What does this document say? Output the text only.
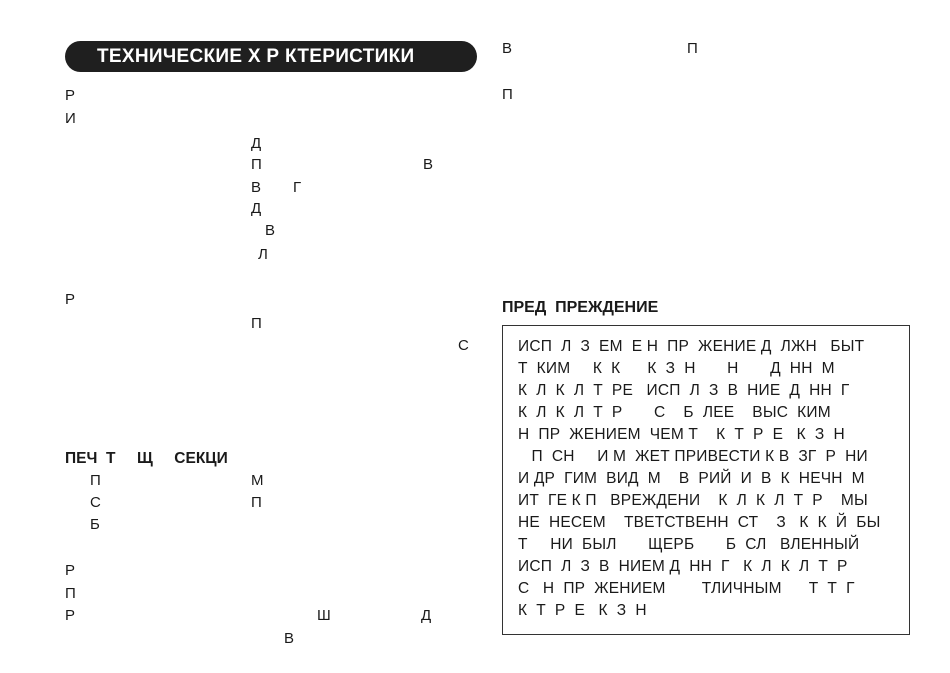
ТЕХНИЧЕСКИЕ Х Р КТЕРИСТИКИ
Р
И
Д
П	В
В Г
Д
В
Л
Р
П
С
ПЕЧ  Т     Щ     СЕКЦИ
П	М
С	П
Б
Р
П
Р	Ш	Д
В
В	П
П
ПРЕД  ПРЕЖДЕНИЕ
ИСП  Л  З  ЕМ  Е Н  ПР  ЖЕНИЕ Д  ЛЖН   БЫТ
Т  КИМ     К  К      К  З  Н       Н       Д  НН  М
К  Л  К  Л  Т  РЕ   ИСП  Л  З  В  НИЕ  Д  НН  Г
К  Л  К  Л  Т  Р       С    Б  ЛЕЕ    ВЫС  КИМ
Н  ПР  ЖЕНИЕМ  ЧЕМ Т    К  Т  Р  Е   К  З  Н
П  СН     И М  ЖЕТ ПРИВЕСТИ К В  ЗГ  Р  НИ
И ДР  ГИМ  ВИД  М    В  РИЙ  И  В  К  НЕЧН  М
ИТ  ГЕ К П   ВРЕЖДЕНИ    К  Л  К  Л  Т  Р    МЫ
НЕ  НЕСЕМ    ТВЕТСТВЕНН  СТ    З   К  К  Й  БЫ
Т     НИ  БЫЛ       ЩЕРБ       Б  СЛ   ВЛЕННЫЙ
ИСП  Л  З  В  НИЕМ Д  НН  Г   К  Л  К  Л  Т  Р
С   Н  ПР  ЖЕНИЕМ        ТЛИЧНЫМ      Т  Т  Г
К  Т  Р  Е   К  З  Н
